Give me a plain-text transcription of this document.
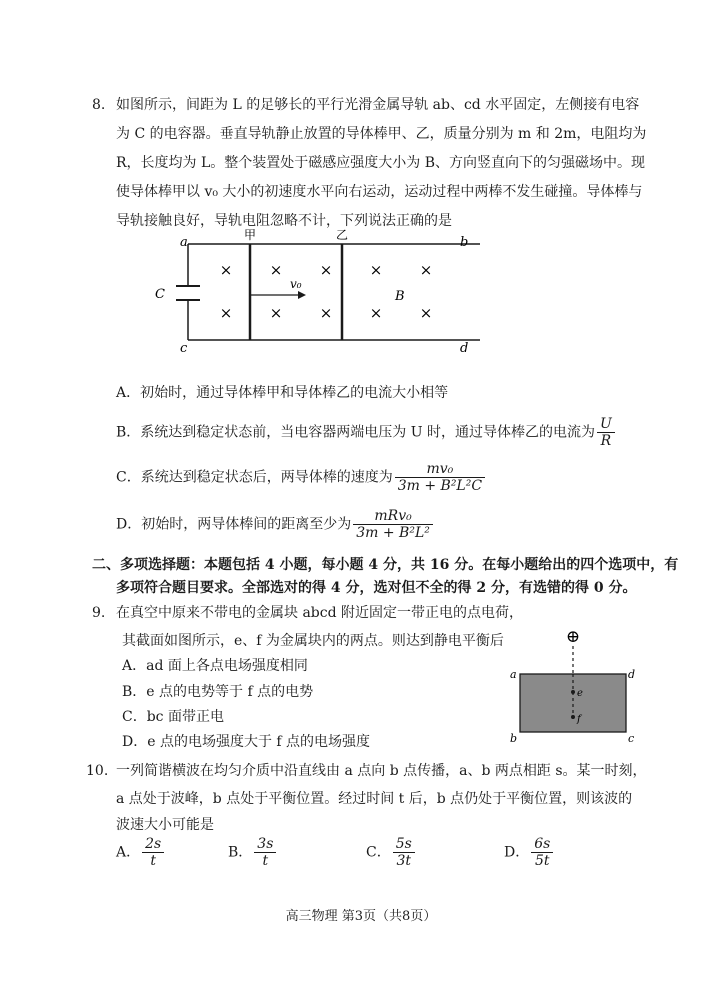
8. 如图所示，间距为 L 的足够长的平行光滑金属导轨 ab、cd 水平固定，左侧接有电容
为 C 的电容器。垂直导轨静止放置的导体棒甲、乙，质量分别为 m 和 2m，电阻均为
R，长度均为 L。整个装置处于磁感应强度大小为 B、方向竖直向下的匀强磁场中。现
使导体棒甲以 v₀ 大小的初速度水平向右运动，运动过程中两棒不发生碰撞。导体棒与
导轨接触良好，导轨电阻忽略不计，下列说法正确的是
×
×
×
×
×
×
×
×
×
×
a	b
c	d
C
甲	乙
v₀
B
A．初始时，通过导体棒甲和导体棒乙的电流大小相等
B．系统达到稳定状态前，当电容器两端电压为 U 时，通过导体棒乙的电流为 $\frac{U}{R}$
C．系统达到稳定状态后，两导体棒的速度为 $\frac{\text{mv₀}}{\text{3m + B²L²C}}$
D．初始时，两导体棒间的距离至少为 $\frac{\text{mRv₀}}{\text{3m + B²L²}}$
二、多项选择题：本题包括 4 小题，每小题 4 分，共 16 分。在每小题给出的四个选项中，有
多项符合题目要求。全部选对的得 4 分，选对但不全的得 2 分，有选错的得 0 分。
9. 在真空中原来不带电的金属块 abcd 附近固定一带正电的点电荷，
其截面如图所示，e、f 为金属块内的两点。则达到静电平衡后
A．ad 面上各点电场强度相同
B．e 点的电势等于 f 点的电势
C．bc 面带正电
D．e 点的电场强度大于 f 点的电场强度
⊕
e
f
a	d
b	c
10. 一列简谐横波在均匀介质中沿直线由 a 点向 b 点传播，a、b 两点相距 s。某一时刻，
a 点处于波峰，b 点处于平衡位置。经过时间 t 后，b 点仍处于平衡位置，则该波的
波速大小可能是
A． $\frac{2s}{t}$	B． $\frac{3s}{t}$	C． $\frac{5s}{3t}$	D． $\frac{6s}{5t}$
高三物理 第3页（共8页）
